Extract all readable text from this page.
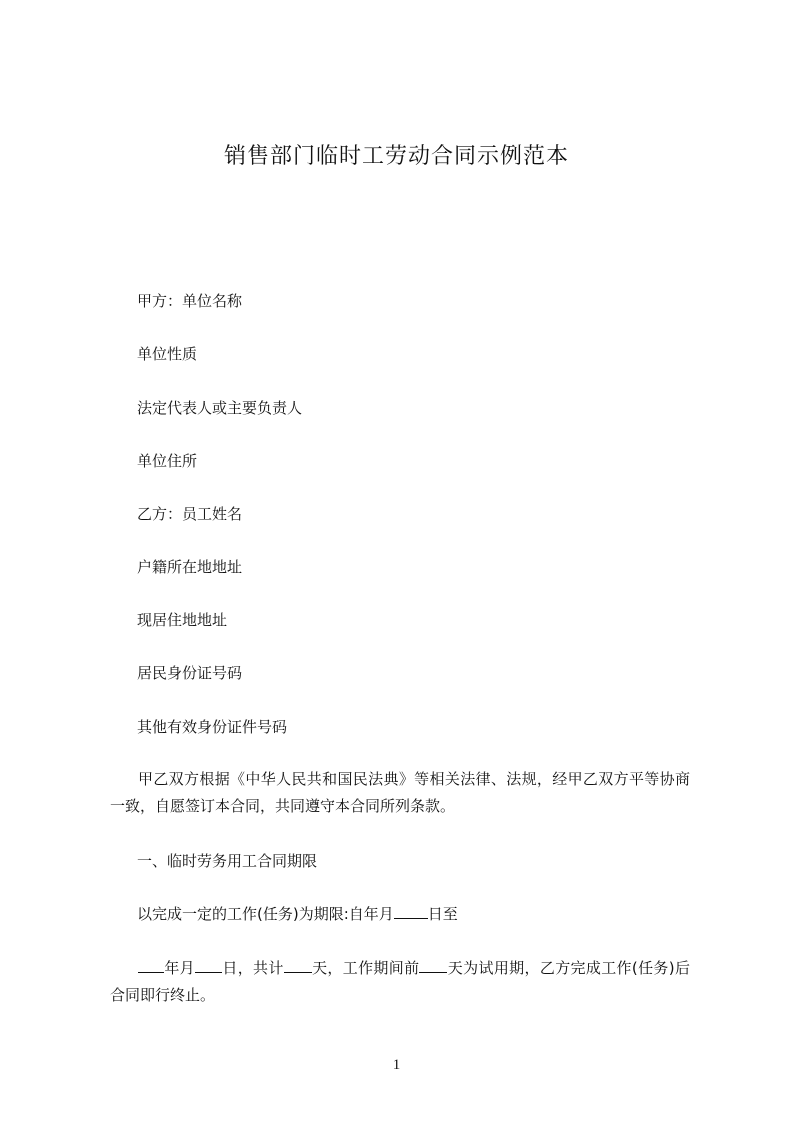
销售部门临时工劳动合同示例范本

甲方：单位名称

单位性质

法定代表人或主要负责人

单位住所

乙方：员工姓名

户籍所在地地址

现居住地地址

居民身份证号码

其他有效身份证件号码

甲乙双方根据《中华人民共和国民法典》等相关法律、法规，经甲乙双方平等协商一致，自愿签订本合同，共同遵守本合同所列条款。

一、临时劳务用工合同期限

以完成一定的工作(任务)为期限:自年月 日至

年月 日，共计 天，工作期间前 天为试用期，乙方完成工作(任务)后合同即行终止。

1
